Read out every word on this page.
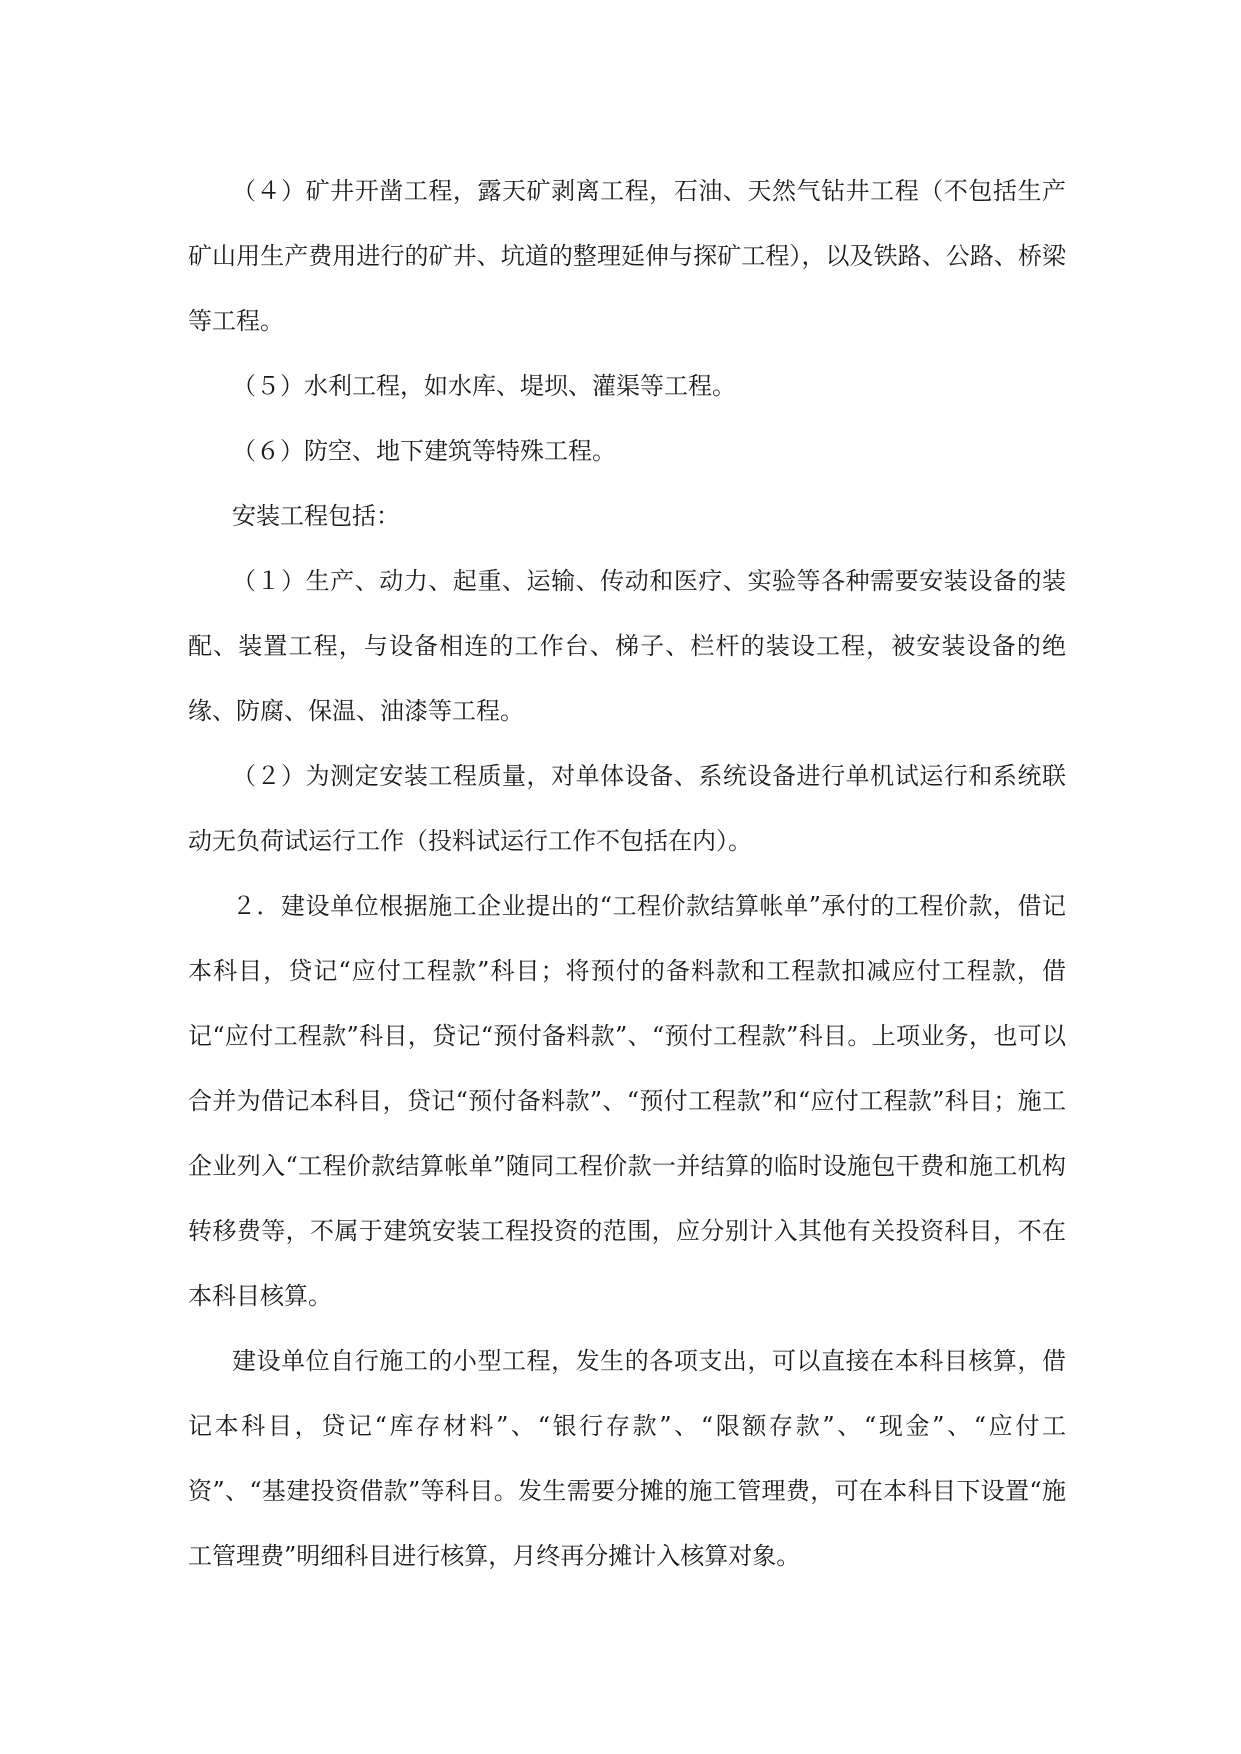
（４）矿井开凿工程，露天矿剥离工程，石油、天然气钻井工程（不包括生产矿山用生产费用进行的矿井、坑道的整理延伸与探矿工程），以及铁路、公路、桥梁等工程。

（５）水利工程，如水库、堤坝、灌渠等工程。

（６）防空、地下建筑等特殊工程。

安装工程包括：

（１）生产、动力、起重、运输、传动和医疗、实验等各种需要安装设备的装配、装置工程，与设备相连的工作台、梯子、栏杆的装设工程，被安装设备的绝缘、防腐、保温、油漆等工程。

（２）为测定安装工程质量，对单体设备、系统设备进行单机试运行和系统联动无负荷试运行工作（投料试运行工作不包括在内）。

２．建设单位根据施工企业提出的“工程价款结算帐单”承付的工程价款，借记本科目，贷记“应付工程款”科目；将预付的备料款和工程款扣减应付工程款，借记“应付工程款”科目，贷记“预付备料款”、“预付工程款”科目。上项业务，也可以合并为借记本科目，贷记“预付备料款”、“预付工程款”和“应付工程款”科目；施工企业列入“工程价款结算帐单”随同工程价款一并结算的临时设施包干费和施工机构转移费等，不属于建筑安装工程投资的范围，应分别计入其他有关投资科目，不在本科目核算。

建设单位自行施工的小型工程，发生的各项支出，可以直接在本科目核算，借记本科目，贷记“库存材料”、“银行存款”、“限额存款”、“现金”、“应付工资”、“基建投资借款”等科目。发生需要分摊的施工管理费，可在本科目下设置“施工管理费”明细科目进行核算，月终再分摊计入核算对象。
